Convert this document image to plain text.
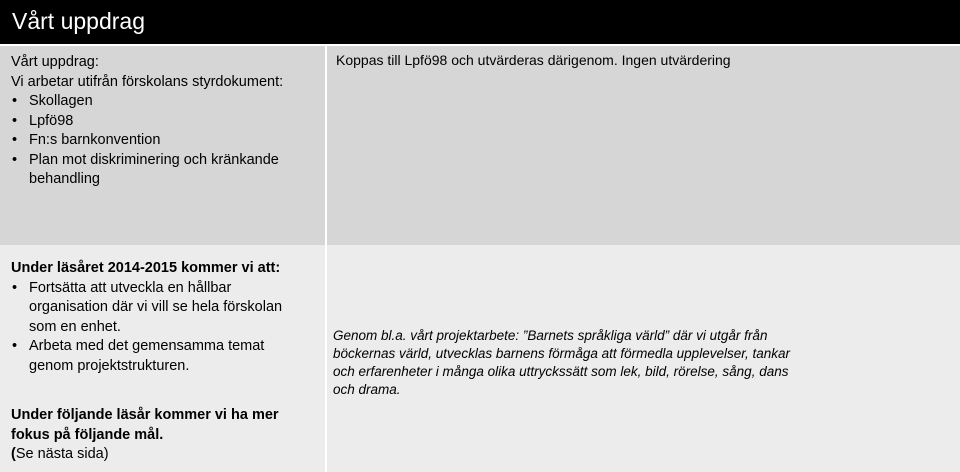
Vårt uppdrag
Vårt uppdrag:
Vi arbetar utifrån förskolans styrdokument:
• Skollagen
• Lpfö98
• Fn:s barnkonvention
• Plan mot diskriminering och kränkande behandling
Koppas till Lpfö98 och utvärderas därigenom. Ingen utvärdering
Under läsåret 2014-2015 kommer vi att:
• Fortsätta att utveckla en hållbar organisation där vi vill se hela förskolan som en enhet.
• Arbeta med det gemensamma temat genom projektstrukturen.
Under följande läsår kommer vi ha mer fokus på följande mål.
(Se nästa sida)
Genom bl.a. vårt projektarbete: ”Barnets språkliga värld” där vi utgår från böckernas värld, utvecklas barnens förmåga att förmedla upplevelser, tankar och erfarenheter i många olika uttryckssätt som lek, bild, rörelse, sång, dans och drama.
